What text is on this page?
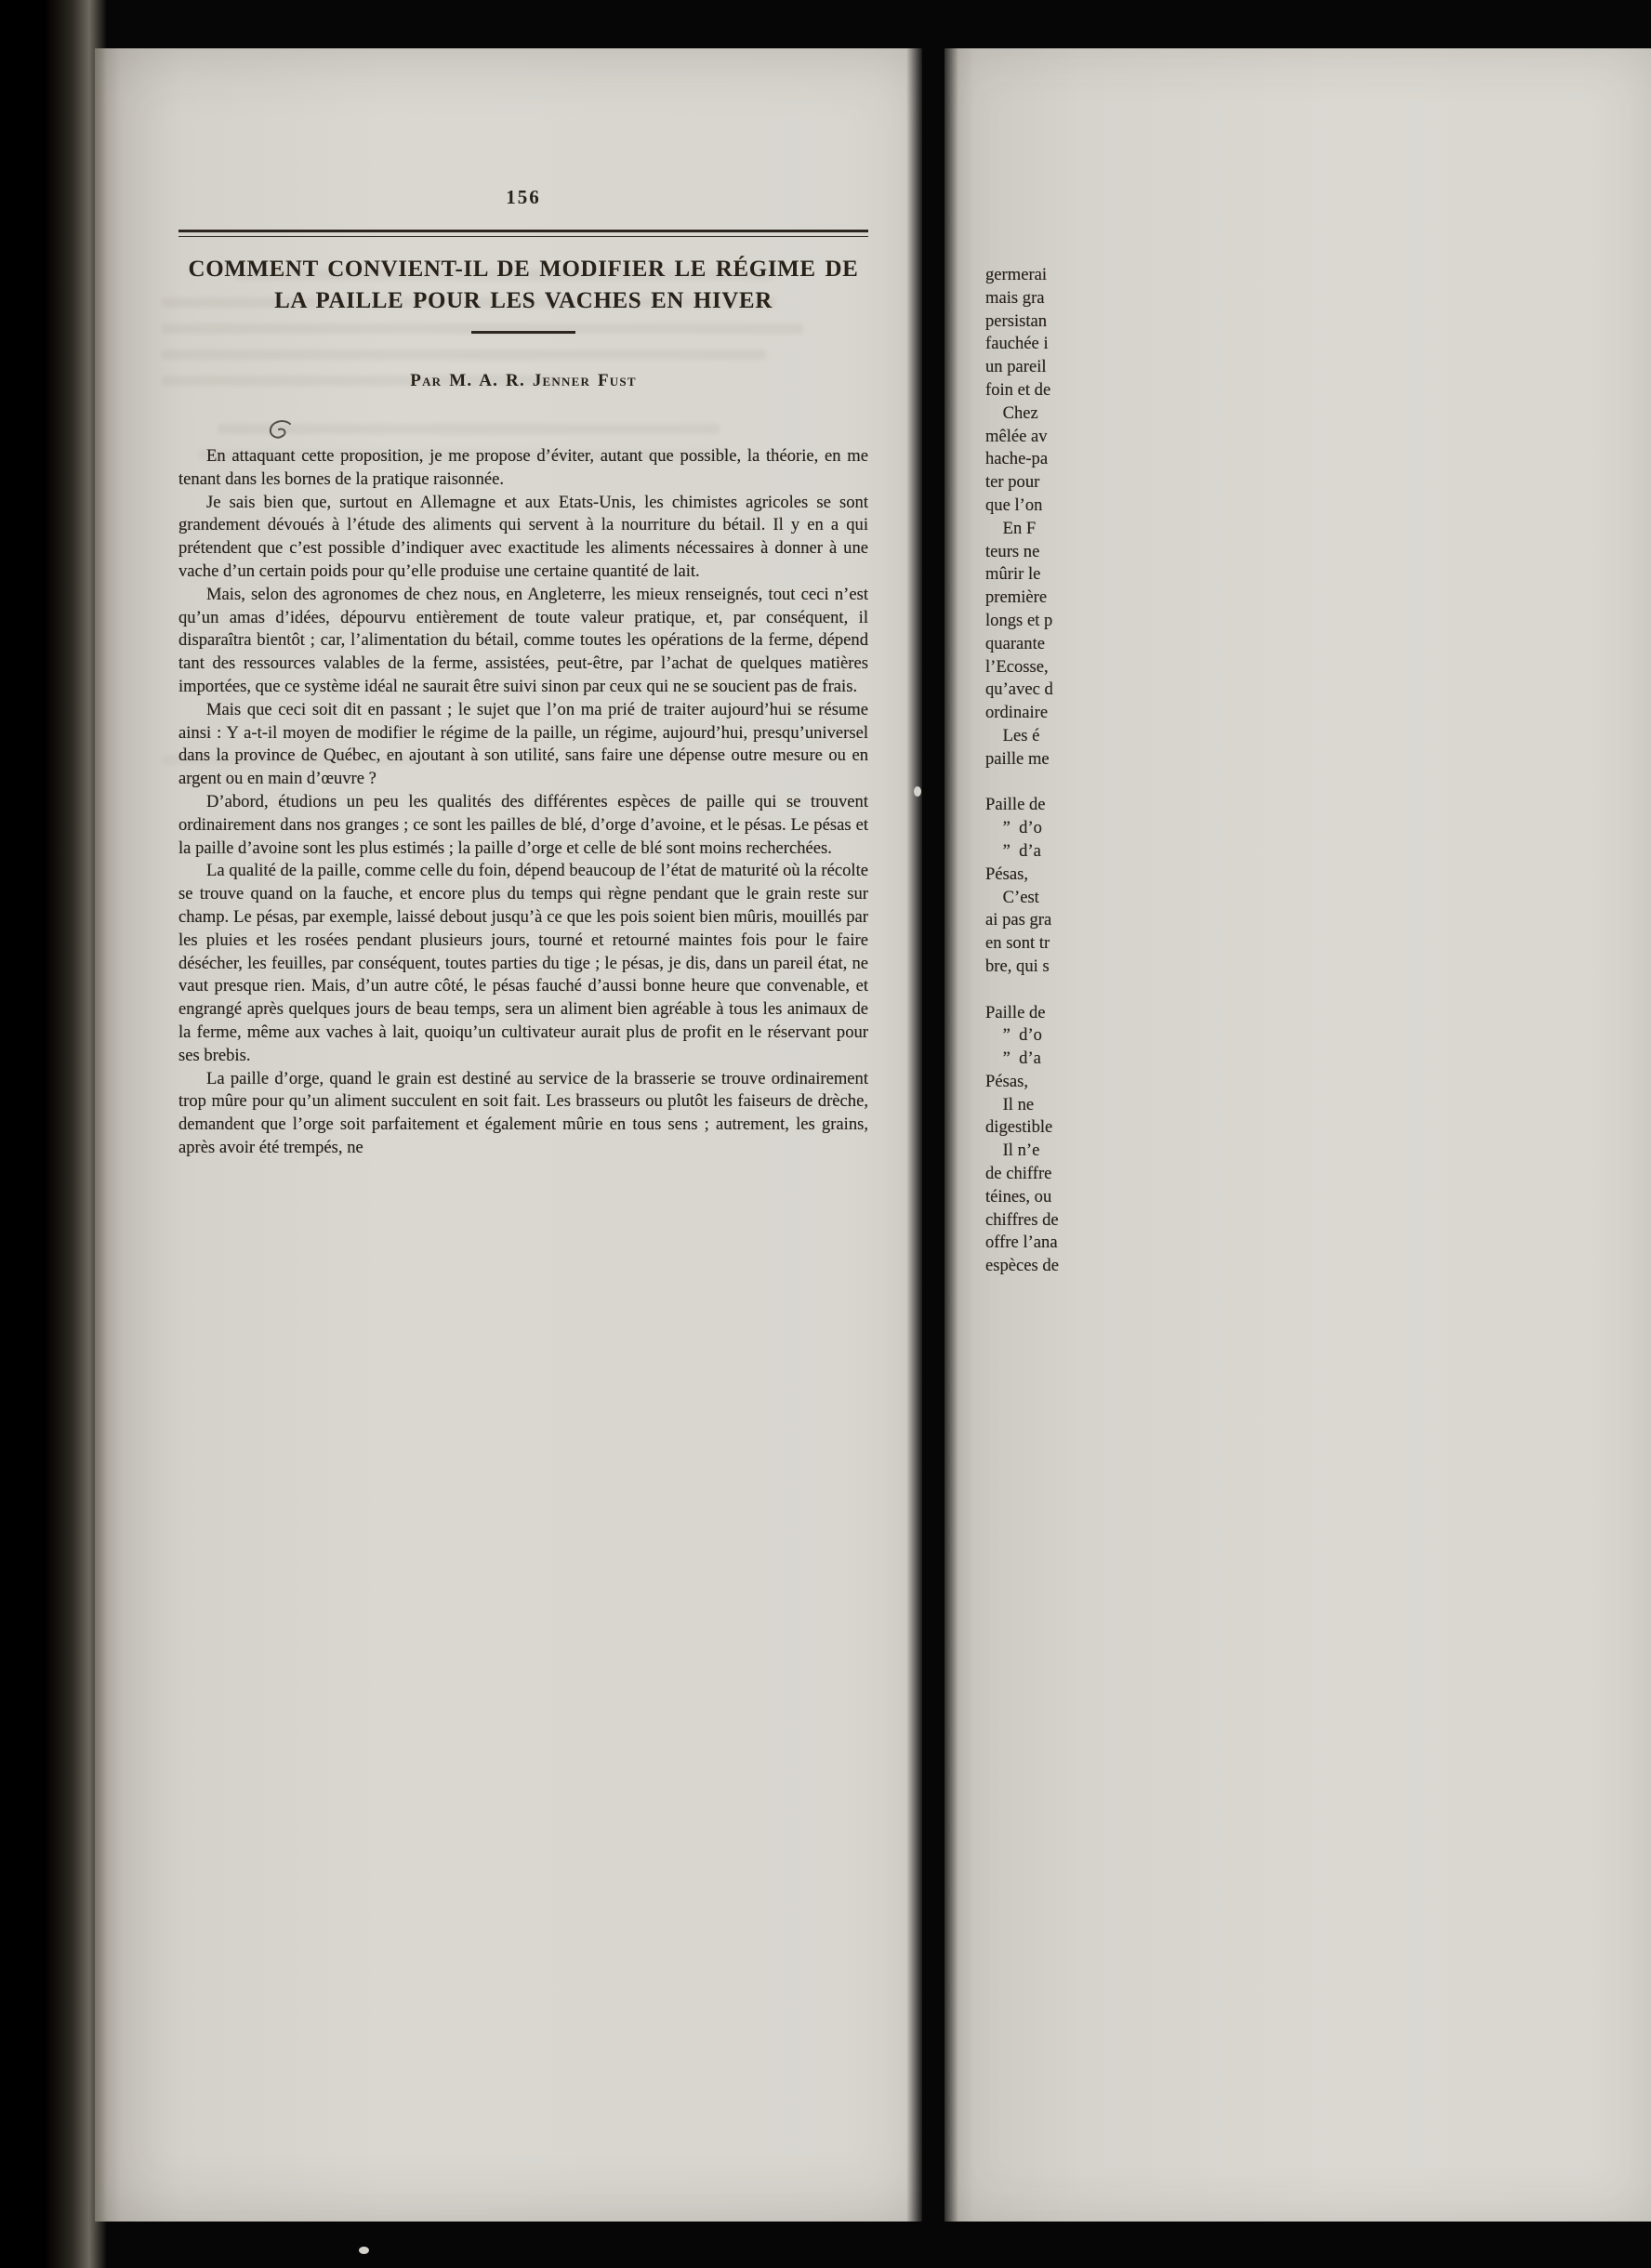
156
COMMENT CONVIENT-IL DE MODIFIER LE RÉGIME DE
LA PAILLE POUR LES VACHES EN HIVER
Par M. A. R. Jenner Fust

En attaquant cette proposition, je me propose d’éviter, autant que possible, la théorie, en me tenant dans les bornes de la pratique raisonnée.

Je sais bien que, surtout en Allemagne et aux Etats-Unis, les chimistes agricoles se sont grandement dévoués à l’étude des aliments qui servent à la nourriture du bétail. Il y en a qui prétendent que c’est possible d’indiquer avec exactitude les aliments nécessaires à donner à une vache d’un certain poids pour qu’elle produise une certaine quantité de lait.

Mais, selon des agronomes de chez nous, en Angleterre, les mieux renseignés, tout ceci n’est qu’un amas d’idées, dépourvu entièrement de toute valeur pratique, et, par conséquent, il disparaîtra bientôt ; car, l’alimentation du bétail, comme toutes les opérations de la ferme, dépend tant des ressources valables de la ferme, assistées, peut-être, par l’achat de quelques matières importées, que ce système idéal ne saurait être suivi sinon par ceux qui ne se soucient pas de frais.

Mais que ceci soit dit en passant ; le sujet que l’on ma prié de traiter aujourd’hui se résume ainsi : Y a-t-il moyen de modifier le régime de la paille, un régime, aujourd’hui, presqu’universel dans la province de Québec, en ajoutant à son utilité, sans faire une dépense outre mesure ou en argent ou en main d’œuvre ?

D’abord, étudions un peu les qualités des différentes espèces de paille qui se trouvent ordinairement dans nos granges ; ce sont les pailles de blé, d’orge d’avoine, et le pésas. Le pésas et la paille d’avoine sont les plus estimés ; la paille d’orge et celle de blé sont moins recherchées.

La qualité de la paille, comme celle du foin, dépend beaucoup de l’état de maturité où la récolte se trouve quand on la fauche, et encore plus du temps qui règne pendant que le grain reste sur champ. Le pésas, par exemple, laissé debout jusqu’à ce que les pois soient bien mûris, mouillés par les pluies et les rosées pendant plusieurs jours, tourné et retourné maintes fois pour le faire désécher, les feuilles, par conséquent, toutes parties du tige ; le pésas, je dis, dans un pareil état, ne vaut presque rien. Mais, d’un autre côté, le pésas fauché d’aussi bonne heure que convenable, et engrangé après quelques jours de beau temps, sera un aliment bien agréable à tous les animaux de la ferme, même aux vaches à lait, quoiqu’un cultivateur aurait plus de profit en le réservant pour ses brebis.

La paille d’orge, quand le grain est destiné au service de la brasserie se trouve ordinairement trop mûre pour qu’un aliment succulent en soit fait. Les brasseurs ou plutôt les faiseurs de drèche, demandent que l’orge soit parfaitement et également mûrie en tous sens ; autrement, les grains, après avoir été trempés, ne

germerai
mais gra
persistan
fauchée i
un pareil
foin et de
 Chez
mêlée av
hache-pa
ter pour
que l’on
 En F
teurs ne
mûrir le
première
longs et p
quarante
l’Ecosse,
qu’avec d
ordinaire
 Les é
paille me
Paille de
 ” d’o
 ” d’a
Pésas,
 C’est
ai pas gra
en sont tr
bre, qui s
Paille de
 ” d’o
 ” d’a
Pésas,
 Il ne
digestible
 Il n’e
de chiffre
téines, ou
chiffres de
offre l’ana
espèces de
